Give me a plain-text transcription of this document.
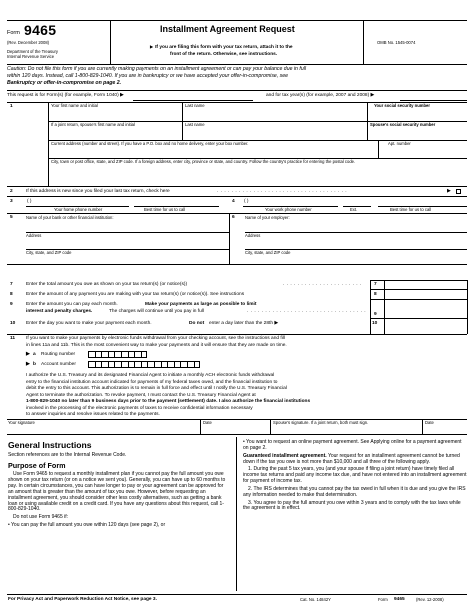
Form 9465
(Rev. December 2008)
Department of the Treasury
Internal Revenue Service
Installment Agreement Request
▶ If you are filing this form with your tax return, attach it to the
front of the return. Otherwise, see instructions.
OMB No. 1545-0074
Caution: Do not file this form if you are currently making payments on an installment agreement or can pay your balance due in full
within 120 days. Instead, call 1-800-829-1040. If you are in bankruptcy or we have accepted your offer-in-compromise, see
Bankruptcy or offer-in-compromise on page 2.
This request is for Form(s) (for example, Form 1040) ▶	and for tax year(s) (for example, 2007 and 2008) ▶
1	Your first name and initial	Last name	Your social security number
If a joint return, spouse's first name and initial	Last name	Spouse's social security number
Current address (number and street). If you have a P.O. box and no home delivery, enter your box number.	Apt. number
City, town or post office, state, and ZIP code. If a foreign address, enter city, province or state, and country. Follow the country's practice for entering the postal code.
2	If this address is new since you filed your last tax return, check here	. . . . . . . . . . . . . . . . . . . . . . . . . . . . . . . . . . . .	▶
3	( )
Your home phone number	Best time for us to call
4 ( )
Your work phone number	Ext.	Best time for us to call
5	Name of your bank or other financial institution:
Address
City, state, and ZIP code
6 Name of your employer:
Address
City, state, and ZIP code
7	Enter the total amount you owe as shown on your tax return(s) (or notice(s))	. . . . . . . . . . . . . . . . . . . . . .	7
8	Enter the amount of any payment you are making with your tax return(s) (or notice(s)). See instructions	8
9	Enter the amount you can pay each month.	Make your payments as large as possible to limit
interest and penalty charges.	The charges will continue until you pay in full	. . . . . . . . . . . . . . . . . . . . . . . . . . . . . . . . .
9
10 Enter the day you want to make your payment each month.	Do not enter a day later than the 28th ▶	10
11 If you want to make your payments by electronic funds withdrawal from your checking account, see the instructions and fill
in lines 11a and 11b. This is the most convenient way to make your payments and it will ensure that they are made on time.
▶ a Routing number
▶ b Account number
I authorize the U.S. Treasury and its designated Financial Agent to initiate a monthly ACH electronic funds withdrawal
entry to the financial institution account indicated for payments of my federal taxes owed, and the financial institution to
debit the entry to this account. This authorization is to remain in full force and effect until I notify the U.S. Treasury Financial
Agent to terminate the authorization. To revoke payment, I must contact the U.S. Treasury Financial Agent at
1-800-829-1040 no later than 9 business days prior to the payment (settlement) date. I also authorize the financial institutions
involved in the processing of the electronic payments of taxes to receive confidential information necessary
to answer inquiries and resolve issues related to the payments.
Your signature	Date	Spouse's signature. If a joint return, both must sign.	Date
General Instructions

Section references are to the Internal Revenue Code.

Purpose of Form

Use Form 9465 to request a monthly installment plan if you cannot pay the full amount you owe shown on your tax return (or on a notice we sent you). Generally, you can have up to 60 months to pay. In certain circumstances, you can have longer to pay or your agreement can be approved for an amount that is greater than the amount of tax you owe. However, before requesting an installment agreement, you should consider other less costly alternatives, such as getting a bank loan or using available credit on a credit card. If you have any questions about this request, call 1-800-829-1040.

Do not use Form 9465 if:

• You can pay the full amount you owe within 120 days (see page 2), or

• You want to request an online payment agreement. See Applying online for a payment agreement on page 2.

Guaranteed installment agreement. Your request for an installment agreement cannot be turned down if the tax you owe is not more than $10,000 and all three of the following apply.

1. During the past 5 tax years, you (and your spouse if filing a joint return) have timely filed all income tax returns and paid any income tax due, and have not entered into an installment agreement for payment of income tax.

2. The IRS determines that you cannot pay the tax owed in full when it is due and you give the IRS any information needed to make that determination.

3. You agree to pay the full amount you owe within 3 years and to comply with the tax laws while the agreement is in effect.

For Privacy Act and Paperwork Reduction Act Notice, see page 3.	Cat. No. 14842Y	Form 9465	(Rev. 12-2008)
